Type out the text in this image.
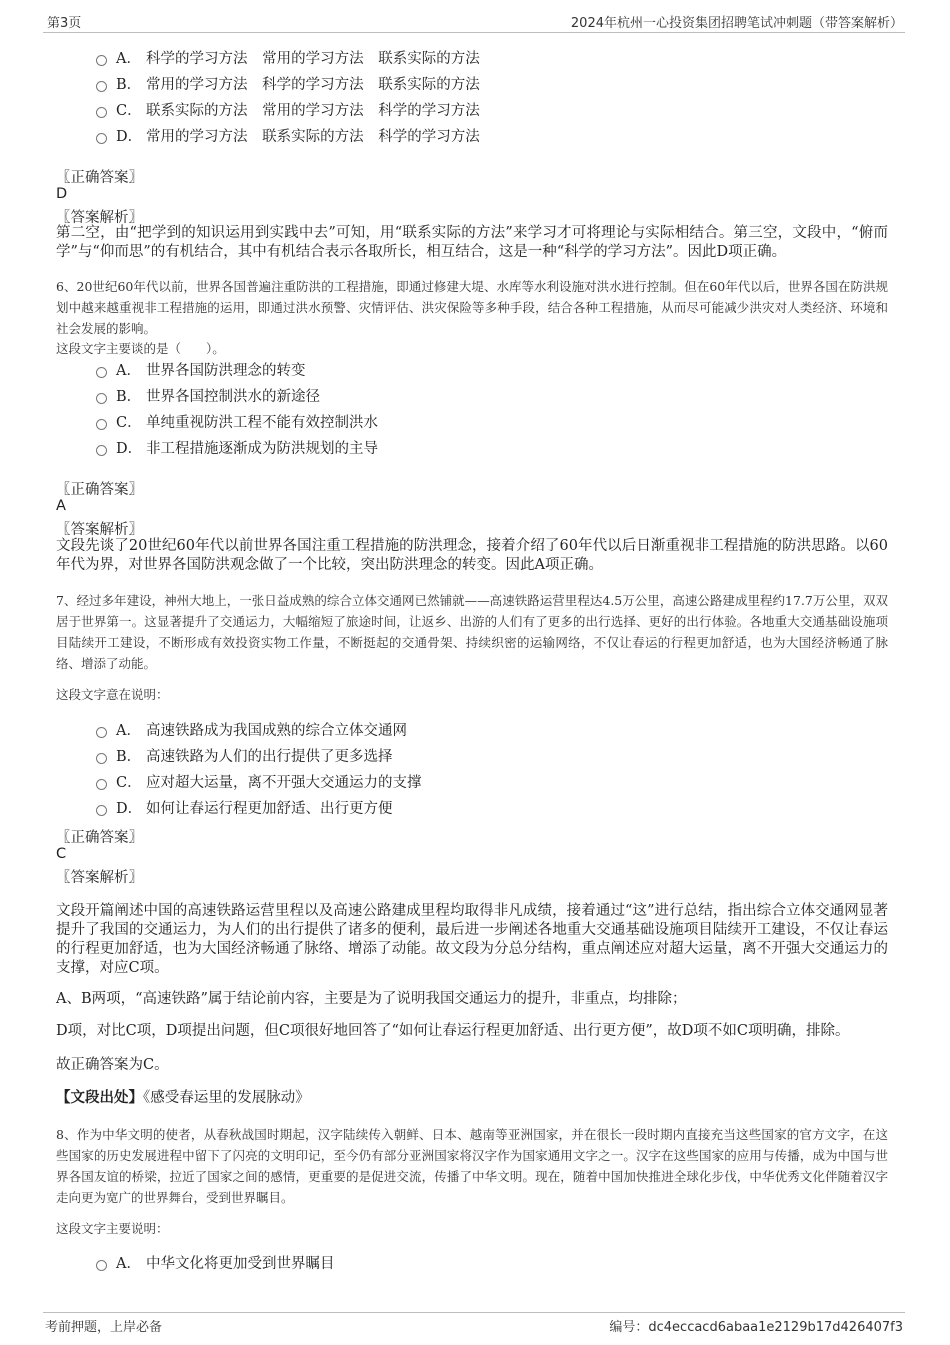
第3页	2024年杭州一心投资集团招聘笔试冲刺题（带答案解析）
A． 科学的学习方法 常用的学习方法 联系实际的方法
B． 常用的学习方法 科学的学习方法 联系实际的方法
C． 联系实际的方法 常用的学习方法 科学的学习方法
D． 常用的学习方法 联系实际的方法 科学的学习方法
〖正确答案〗
D
〖答案解析〗
第二空，由“把学到的知识运用到实践中去”可知，用“联系实际的方法”来学习才可将理论与实际相结合。第三空，文段中，“俯而学”与“仰而思”的有机结合，其中有机结合表示各取所长，相互结合，这是一种“科学的学习方法”。因此D项正确。
6、20世纪60年代以前，世界各国普遍注重防洪的工程措施，即通过修建大堤、水库等水利设施对洪水进行控制。但在60年代以后，世界各国在防洪规划中越来越重视非工程措施的运用，即通过洪水预警、灾情评估、洪灾保险等多种手段，结合各种工程措施，从而尽可能减少洪灾对人类经济、环境和社会发展的影响。
这段文字主要谈的是（　　）。
A． 世界各国防洪理念的转变
B． 世界各国控制洪水的新途径
C． 单纯重视防洪工程不能有效控制洪水
D． 非工程措施逐渐成为防洪规划的主导
〖正确答案〗
A
〖答案解析〗
文段先谈了20世纪60年代以前世界各国注重工程措施的防洪理念，接着介绍了60年代以后日渐重视非工程措施的防洪思路。以60年代为界，对世界各国防洪观念做了一个比较，突出防洪理念的转变。因此A项正确。
7、经过多年建设，神州大地上，一张日益成熟的综合立体交通网已然铺就——高速铁路运营里程达4.5万公里，高速公路建成里程约17.7万公里，双双居于世界第一。这显著提升了交通运力，大幅缩短了旅途时间，让返乡、出游的人们有了更多的出行选择、更好的出行体验。各地重大交通基础设施项目陆续开工建设，不断形成有效投资实物工作量，不断挺起的交通骨架、持续织密的运输网络，不仅让春运的行程更加舒适，也为大国经济畅通了脉络、增添了动能。
这段文字意在说明：
A． 高速铁路成为我国成熟的综合立体交通网
B． 高速铁路为人们的出行提供了更多选择
C． 应对超大运量，离不开强大交通运力的支撑
D． 如何让春运行程更加舒适、出行更方便
〖正确答案〗
C
〖答案解析〗
文段开篇阐述中国的高速铁路运营里程以及高速公路建成里程均取得非凡成绩，接着通过“这”进行总结，指出综合立体交通网显著提升了我国的交通运力，为人们的出行提供了诸多的便利，最后进一步阐述各地重大交通基础设施项目陆续开工建设，不仅让春运的行程更加舒适，也为大国经济畅通了脉络、增添了动能。故文段为分总分结构，重点阐述应对超大运量，离不开强大交通运力的支撑，对应C项。
A、B两项，“高速铁路”属于结论前内容，主要是为了说明我国交通运力的提升，非重点，均排除；
D项，对比C项，D项提出问题，但C项很好地回答了“如何让春运行程更加舒适、出行更方便”，故D项不如C项明确，排除。
故正确答案为C。
【文段出处】《感受春运里的发展脉动》
8、作为中华文明的使者，从春秋战国时期起，汉字陆续传入朝鲜、日本、越南等亚洲国家，并在很长一段时期内直接充当这些国家的官方文字，在这些国家的历史发展进程中留下了闪亮的文明印记，至今仍有部分亚洲国家将汉字作为国家通用文字之一。汉字在这些国家的应用与传播，成为中国与世界各国友谊的桥梁，拉近了国家之间的感情，更重要的是促进交流，传播了中华文明。现在，随着中国加快推进全球化步伐，中华优秀文化伴随着汉字走向更为宽广的世界舞台，受到世界瞩目。
这段文字主要说明：
A． 中华文化将更加受到世界瞩目
考前押题，上岸必备	编号：dc4eccacd6abaa1e2129b17d426407f3
